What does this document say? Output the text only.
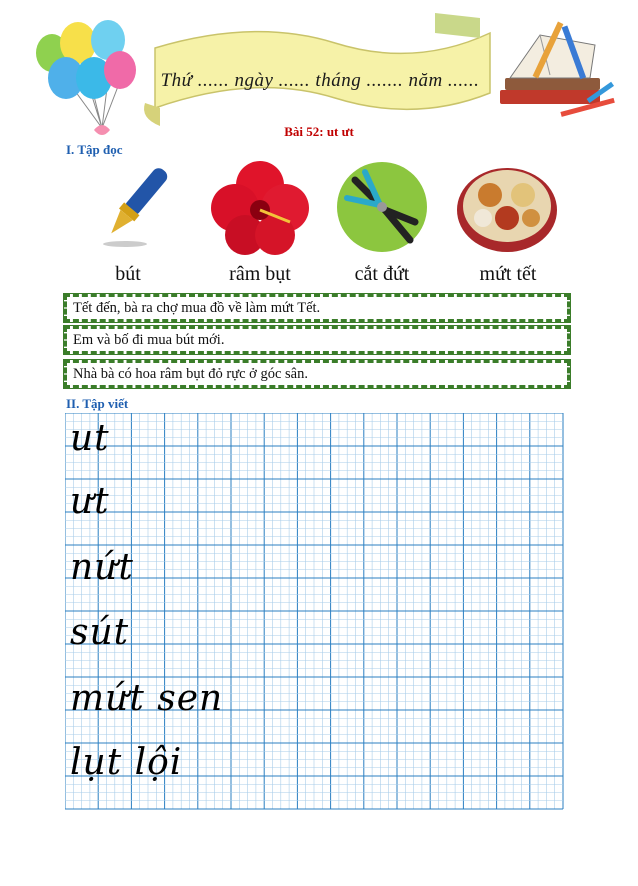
Thứ ...... ngày ...... tháng ....... năm ......
Bài 52: ut ưt
I. Tập đọc
bút	râm bụt	cắt đứt	mứt tết
Tết đến, bà ra chợ mua đồ về làm mứt Tết.
Em và bố đi mua bút mới.
Nhà bà có hoa râm bụt đỏ rực ở góc sân.
II. Tập viết
ut
ưt
nứt
sút
mứt sen
lụt lội
